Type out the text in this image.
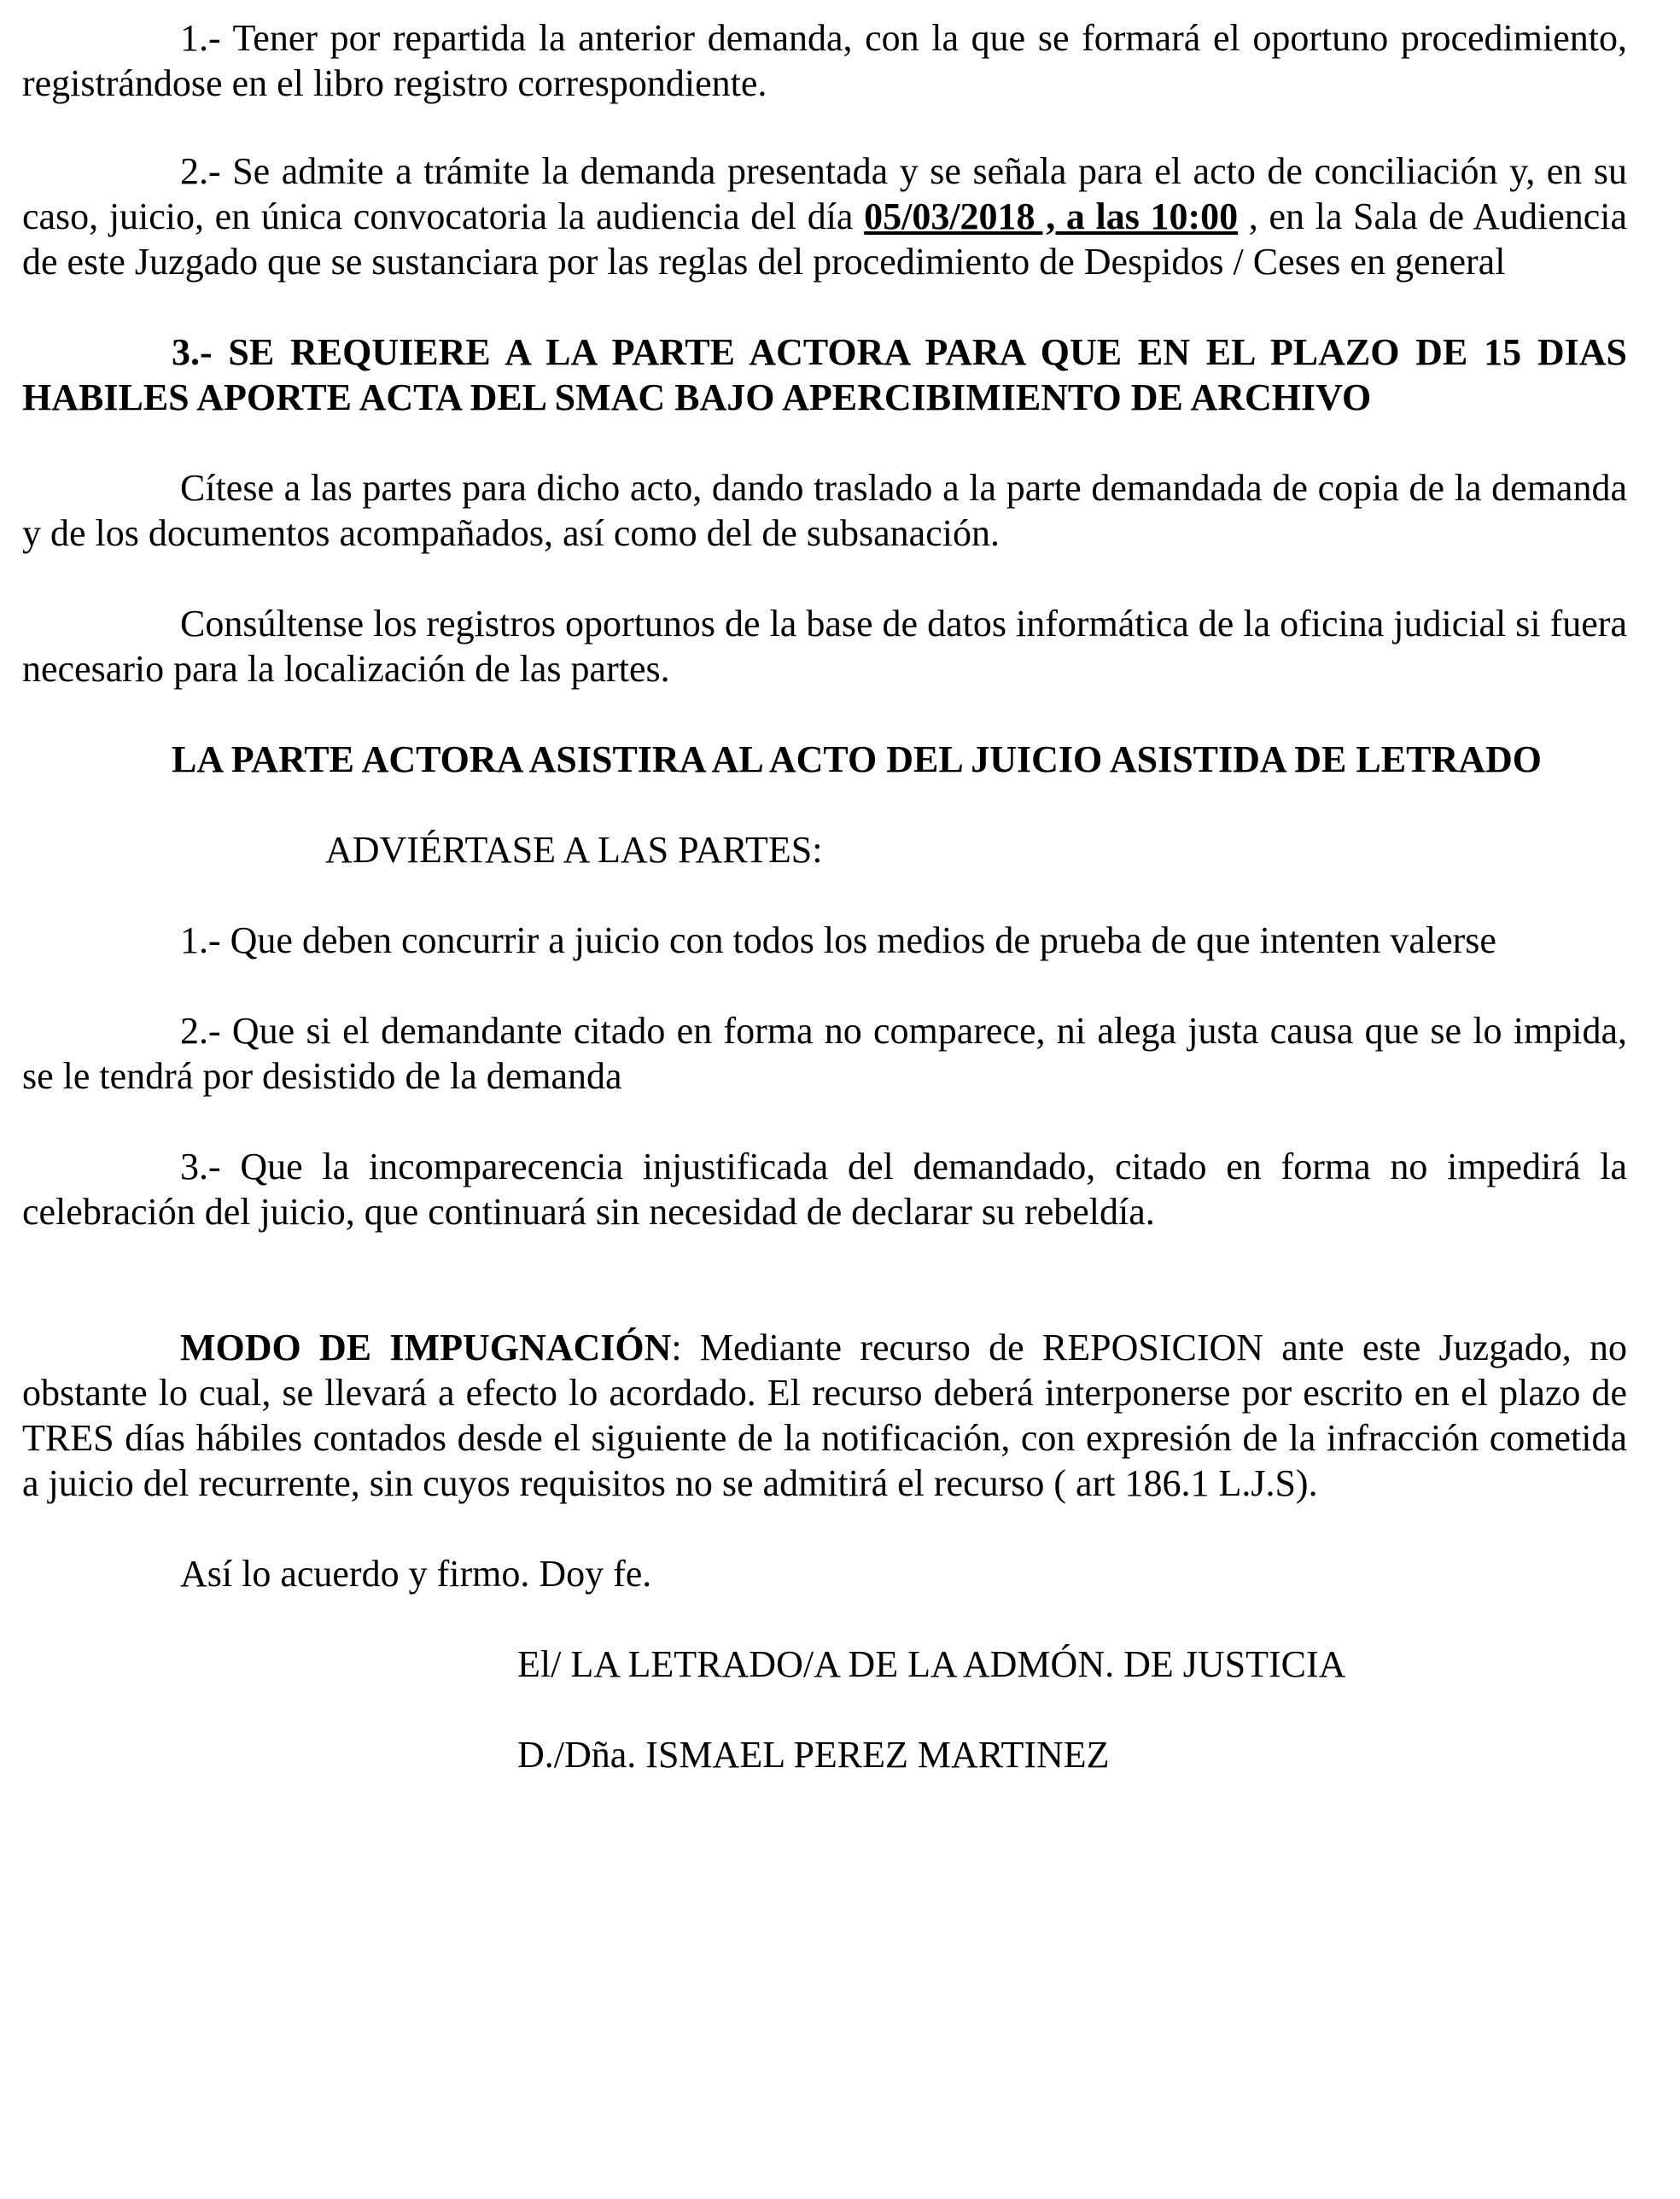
1.- Tener por repartida la anterior demanda, con la que se formará el oportuno procedimiento, registrándose en el libro registro correspondiente.

2.- Se admite a trámite la demanda presentada y se señala para el acto de conciliación y, en su caso, juicio, en única convocatoria la audiencia del día 05/03/2018 , a las 10:00 , en la Sala de Audiencia de este Juzgado que se sustanciara por las reglas del procedimiento de Despidos / Ceses en general

3.- SE REQUIERE A LA PARTE ACTORA PARA QUE EN EL PLAZO DE 15 DIAS HABILES APORTE ACTA DEL SMAC BAJO APERCIBIMIENTO DE ARCHIVO

Cítese a las partes para dicho acto, dando traslado a la parte demandada de copia de la demanda y de los documentos acompañados, así como del de subsanación.

Consúltense los registros oportunos de la base de datos informática de la oficina judicial si fuera necesario para la localización de las partes.

LA PARTE ACTORA ASISTIRA AL ACTO DEL JUICIO ASISTIDA DE LETRADO

ADVIÉRTASE A LAS PARTES:

1.- Que deben concurrir a juicio con todos los medios de prueba de que intenten valerse

2.- Que si el demandante citado en forma no comparece, ni alega justa causa que se lo impida, se le tendrá por desistido de la demanda

3.- Que la incomparecencia injustificada del demandado, citado en forma no impedirá la celebración del juicio, que continuará sin necesidad de declarar su rebeldía.

MODO DE IMPUGNACIÓN: Mediante recurso de REPOSICION ante este Juzgado, no obstante lo cual, se llevará a efecto lo acordado. El recurso deberá interponerse por escrito en el plazo de TRES días hábiles contados desde el siguiente de la notificación, con expresión de la infracción cometida a juicio del recurrente, sin cuyos requisitos no se admitirá el recurso ( art 186.1 L.J.S).

Así lo acuerdo y firmo. Doy fe.

El/ LA LETRADO/A DE LA ADMÓN. DE JUSTICIA

D./Dña. ISMAEL PEREZ MARTINEZ
